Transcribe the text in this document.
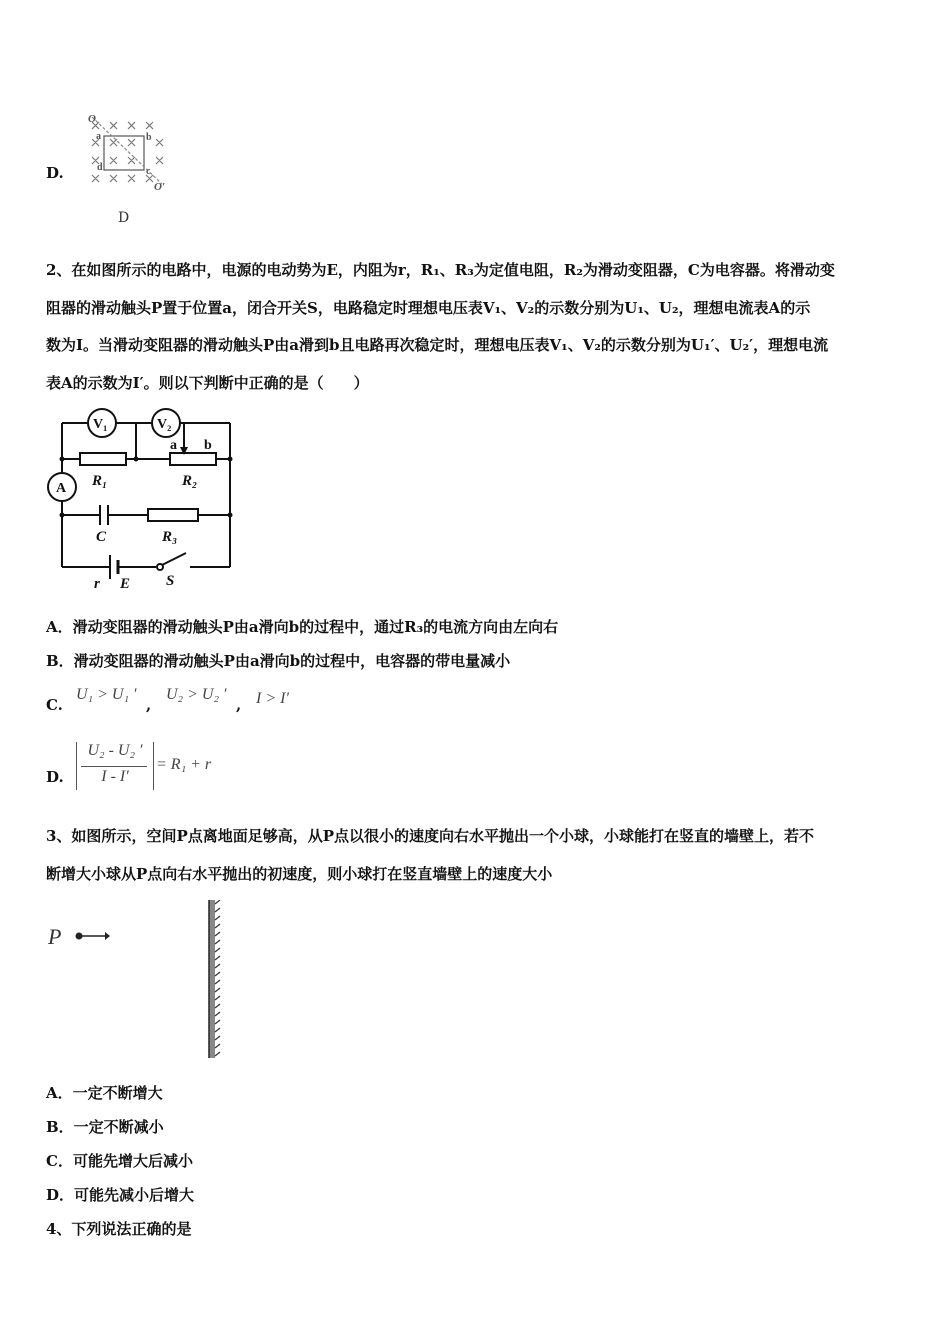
D.
O
O′
a	b
c
d
D
2、在如图所示的电路中，电源的电动势为E，内阻为r，R₁、R₃为定值电阻，R₂为滑动变阻器，C为电容器。将滑动变
阻器的滑动触头P置于位置a，闭合开关S，电路稳定时理想电压表V₁、V₂的示数分别为U₁、U₂，理想电流表A的示
数为I。当滑动变阻器的滑动触头P由a滑到b且电路再次稳定时，理想电压表V₁、V₂的示数分别为U₁′、U₂′，理想电流
表A的示数为I′。则以下判断中正确的是（　　）
V₁	V₂
A
a b
R₁	R₂
C	R₃
r E S
A．滑动变阻器的滑动触头P由a滑向b的过程中，通过R₃的电流方向由左向右
B．滑动变阻器的滑动触头P由a滑向b的过程中，电容器的带电量减小
C.
U₁ > U₁ ′
,
U₂ > U₂ ′
, I > I′
D.
U₂ - U₂ ′
I - I′
= R₁ + r
3、如图所示，空间P点离地面足够高，从P点以很小的速度向右水平抛出一个小球，小球能打在竖直的墙壁上，若不
断增大小球从P点向右水平抛出的初速度，则小球打在竖直墙壁上的速度大小
P
A．一定不断增大
B．一定不断减小
C．可能先增大后减小
D．可能先减小后增大
4、下列说法正确的是
